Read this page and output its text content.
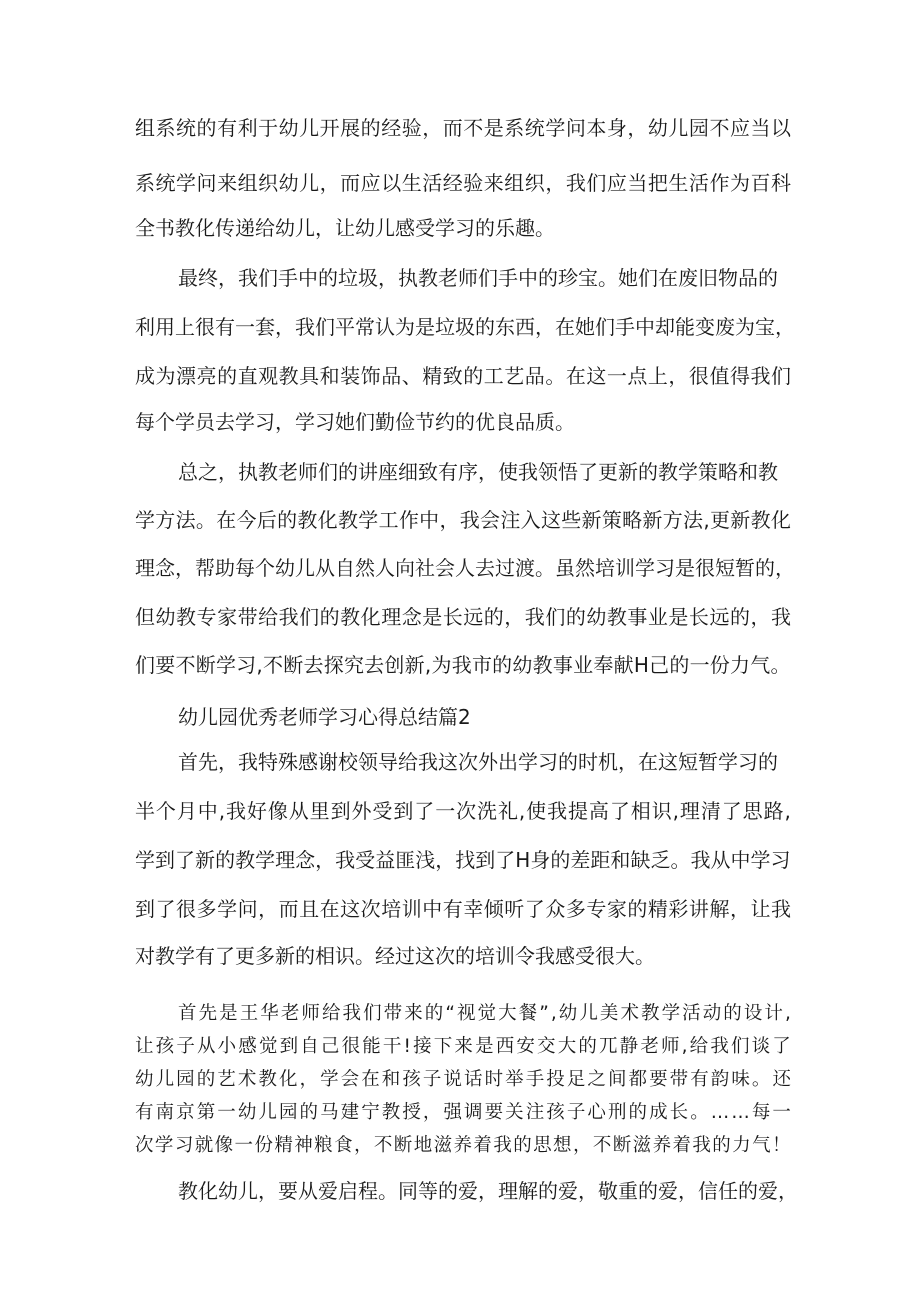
组 系 统 的 有 利 于 幼 儿 开 展 的 经 验 ， 而 不 是 系 统 学 问 本 身 ， 幼 儿 园 不 应 当 以
系 统 学 问 来 组 织 幼 儿 ， 而 应 以 生 活 经 验 来 组 织 ， 我 们 应 当 把 生 活 作 为 百 科
全书教化传递给幼儿，让幼儿感受学习的乐趣。
最终，我们手中的垃圾，执教老师们手中的珍宝。她们在废旧物品的
利 用 上 很 有 一 套 ， 我 们 平 常 认 为 是 垃 圾 的 东 西 ， 在 她 们 手 中 却 能 变 废 为 宝 ，
成 为 漂 亮 的 直 观 教 具 和 装 饰 品 、 精 致 的 工 艺 品 。 在 这 一 点 上 ， 很 值 得 我 们
每个学员去学习，学习她们勤俭节约的优良品质。
总之，执教老师们的讲座细致有序，使我领悟了更新的教学策略和教
学 方 法 。 在 今 后 的 教 化 教 学 工 作 中 ， 我 会 注 入 这 些 新 策 略 新 方 法 , 更 新 教 化
理 念 ， 帮 助 每 个 幼 儿 从 自 然 人 向 社 会 人 去 过 渡 。 虽 然 培 训 学 习 是 很 短 暂 的 ，
但 幼 教 专 家 带 给 我 们 的 教 化 理 念 是 长 远 的 ， 我 们 的 幼 教 事 业 是 长 远 的 ， 我
们 要 不 断 学 习 , 不 断 去 探 究 去 创 新 , 为 我 市 的 幼 教 事 业 奉 献 H 己 的 一 份 力 气 。
幼儿园优秀老师学习心得总结篇2
首先，我特殊感谢校领导给我这次外出学习的时机，在这短暂学习的
半 个 月 中 , 我 好 像 从 里 到 外 受 到 了 一 次 洗 礼 , 使 我 提 高 了 相 识 , 理 清 了 思 路 ,
学 到 了 新 的 教 学 理 念 ， 我 受 益 匪 浅 ， 找 到 了 H 身 的 差 距 和 缺 乏 。 我 从 中 学 习
到 了 很 多 学 问 ， 而 且 在 这 次 培 训 中 有 幸 倾 听 了 众 多 专 家 的 精 彩 讲 解 ， 让 我
对教学有了更多新的相识。经过这次的培训令我感受很大。
首 先 是 王 华 老 师 给 我 们 带 来 的 “ 视 觉 大 餐 ” , 幼 儿 美 术 教 学 活 动 的 设 计 ,
让 孩 子 从 小 感 觉 到 自 己 很 能 干 ! 接 下 来 是 西 安 交 大 的 兀 静 老 师 , 给 我 们 谈 了
幼 儿 园 的 艺 术 教 化 ， 学 会 在 和 孩 子 说 话 时 举 手 投 足 之 间 都 要 带 有 韵 味 。 还
有 南 京 第 一 幼 儿 园 的 马 建 宁 教 授 ， 强 调 要 关 注 孩 子 心 刑 的 成 长 。 … … 每 一
次 学 习 就 像 一 份 精 神 粮 食 ， 不 断 地 滋 养 着 我 的 思 想 ， 不 断 滋 养 着 我 的 力 气 ！
教化幼儿，要从爱启程。同等的爱，理解的爱，敬重的爱，信任的爱，
